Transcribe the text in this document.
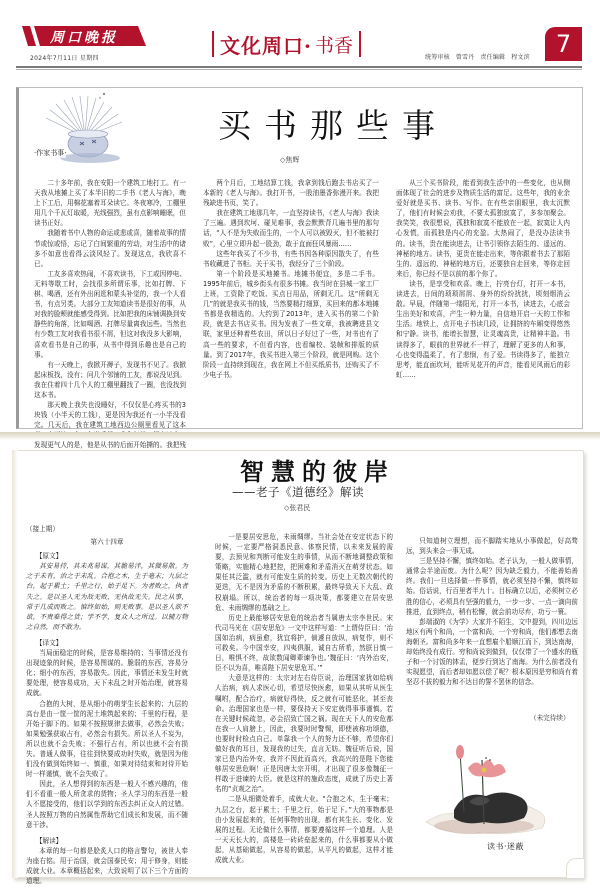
周口晚报
2024年7月11日 星期四
文化周口· 书香
统筹审核 曾雪丹 责任编辑 程文滨	7
·作家书事·
买书那些事
◇焦辉

二十多年前，我在安阳一个建筑工地打工。有一天我从地摊上买了本半旧的二手书《老人与海》，晚上下工后，用棉花塞着耳朵读它。冬夜寒冷，工棚里用几个千瓦灯取暖，光线强烈，虽有点影响睡眠，但读书正好。

我随着书中人物的命运或悲或喜，随着故事的情节或惊或悟，忘记了白间繁重的劳动，对生活中的诸多不如意也看得云淡风轻了。发现这点，我欣喜不已。

工友多喜欢热闹，不喜欢读书，下工或因停电、无料等歇工时，会找很多所谓乐事，比如打牌、下棋、喝酒，还有外出闲逛和蒙头补觉的，我一个人看书，有点另类。大部分工友知道读书是很好的事，从对我的脸颊就能感受得到。比如把我的床铺调换到安静些的角落，比如喝酒、打牌尽量离我远些。当然也有少数工友对我看书很不屑，但这对我没多大影响，喜欢看书是自己的事，从书中得到乐趣也是自己的事。

有一天晚上，我掀开褥子，发现书不见了。我掀起床板找，没有；问几个邻铺的工友，都说没见到。我在住着四十几个人的工棚里翻找了一圈，也没找到这本书。

那天晚上我失也没睡好，不仅仅是心疼买书的3块钱（小半天的工钱），更是因为我还有一小半没看完。几天后，我在建筑工地西边公厕里看见了这本 发现更气人的是，他是从书的后面开始撕的。我把残

两个月后，工地结算工钱，我拿到钱后跑去书店买了一本新的《老人与海》。我打开书，一股油墨香弥漫开来。我把残缺进书页，笑了。

我在建筑工地那几年，一直坚持读书，《老人与海》我读了三遍。遇到坎坷、碰见难事，我会默默背几遍书里的那句话，“人不是为失败而生的，一个人可以被毁灭，但不能被打败”，心里立即升起一股劲，敢于直面狂风暴雨……

这些年我买了不少书，有些书因各种原因散失了，有些书收藏进了书柜。关于买书，我经分了三个阶段。

第一个阶段是买地摊书。地摊书便宜，多是二手书。1995年前后，城乡街头有很多书摊。我当时在县城一家工厂上班，工资除了吃饭、买点日用品，所剩无几。这“所剩无几”的就是我买书的钱，当然要精打细算，买回来的都本地摊书都是我精选的。大约到了2013年，进入买书的第二个阶段，就是去书店买书。因为发表了一些文章，我被聘进县文联，家里还种着些农田，所以日子好过了一些，对书也有了高一些的要求，不但看内容，也看编校、装帧和排版的质量。到了2017年，我买书进入第三个阶段，就是网购。这个阶段一直持续到现在，我在网上不但买纸质书，还购买了不少电子书。

从三个买书阶段，能看到我生活中的一些变化，也从侧面体现了社会的进步及物质生活的富足。这些年，我的业余爱好就是买书、读书、写作。在有些亲朋眼里，我太沉默了，他们有时候会劝我，不要太孤独寂寞了，多参加聚会。我笑笑，我很想说，孤独和寂寞不能放在一起，寂寞让人内心发慌，而孤独是内心的充盈。太热闹了，是没办法读书的。读书，贵在能读进去，让书引领你去陌生的、遥远的、神秘的地方。读书，更贵在能走出来，等你跟着书去了那陌生的、遥远的、神秘的地方后，还要独自走回来，等你走回来后，你已经不是以前的那个你了。

读书，是享受和欢喜。晚上，拧亮台灯，打开一本书，读进去，日间的琐琐屑屑、身外的纷纷扰扰，顷刻烟消云散。早晨，伴随第一缕阳光，打开一本书，读进去，心底会生出美好和欢喜，产生一种力量，自信地开启一天的工作和生活。地铁上，点开电子书读几段，让拥挤的车厢变得悠然和宁静。读书，能增长智慧，让灵魂高贵，让精神丰盈。书读得多了，眼前的世界就不一样了，理解了更多的人和事，心也变得温柔了，有了悲悯，有了爱。书读得多了，能独立思考，能直面坎坷，能听见花开的声音，能看见风雨后的彩虹……

智慧的彼岸
——老子《道德经》解读
◇张君民

（接上期）

第六十四章

【原文】

其安易持，其未兆易谋，其脆易泮，其微易散。为之于未有，治之于未乱。合抱之木，生于毫末；九层之台，起于累土；千里之行，始于足下。为者败之，执者失之。是以圣人无为故无败，无执故无失。民之从事，常于几成而败之。慎终如始，则无败事。是以圣人欲不欲，不贵难得之货；学不学，复众人之所过。以辅万物之自然，而不敢为。

【译文】

当局面稳定的时候，是容易维持的；当事情还没有出现迹象的时候，是容易图谋的。脆弱的东西，容易分化；细小的东西，容易散失。因此，事情还未发生时就要处理，使容易成功，天下未乱之时开始治理，就容易成就。

合抱的大树，是从细小的萌芽生长起来的；九层的高台是由一筐一筐的泥土堆筑起来的；千里的行程，是开始于脚下的。如果不按照规律去做事，必然会失败；如果勉强获取占有，必然会有损失。所以圣人不妄为，所以也就不会失败；不强行占有，所以也就不会有损失。普通人做事，往往到快要成功时失败，就是因为他们没有做到始终如一、慎重，如果对待结束和对待开始时一样谨慎，就不会失败了。

因此，圣人想得到的东西是一般人不感兴趣的，他们不看重一般人所贪求的货物；圣人学习的东西是一般人不愿接受的，他们以学到的东西去纠正众人的过错。圣人按照万物的自然属性帮助它们成长和发展，而不随意干涉。

【解读】

本章的每一句都是脍炙人口的格言警句，被世人奉为座右铭。用于治国，就会国泰民安；用于修身，则能成就大业。本章概括起来，大致说明了以下三个方面的道理。

一是要居安思危，未雨绸缪。当社会处在安定状态下的时候，一定要严格洞悉民意、体察民情，以未来发展的需要，去预见和判断可能发生的事情，从而不断地调整政策和策略，实施精心地把控，把困难和矛盾消灭在萌芽状态。如果任其泛滥，就有可能发生质的转变。历史上无数次朝代的更迭，无不是因为矛盾的不断积累，最终导致天下大乱、政权崩塌。所以，统治者的每一项决策，都要建立在居安思危、未雨绸缪的基础之上。

历史上最能够居安思危的统治者当属唐太宗李世民。宋代司马光在《居安思危》一文中这样写道：“上谓侍臣曰：‘治国如治病，病虽愈，犹宜将护，倘遽自放纵，病复作，则不可救矣。今中国幸安，四夷俱服，诚自古所希，然朕日慎一日，唯惧不终，故欲数闻卿辈谏争也。’魏征曰：‘内外治安，臣不以为喜，唯喜陛下居安思危耳。’”

大意是这样的：太宗对左右侍臣说，治理国家犹如给病人治病，病人求医心切，希望尽快医愈，如果从其听从医生嘱咐，配合治疗，病就好得快，反之就有可能恶化，甚至丧命。治理国家也是一样，要保持天下安定就得事事谨慎。若在关键时候疏忽，必会招致亡国之祸。现在天下人的安危都在我一人肩膀上，因此，我要时时警惕，即使被称功颂德，也要时时检点自己。单靠我一个人的努力还不够，希望你们做好我的耳目，发现我的过失，直言无妨。魏征听后说，国家已是内治外安，我并不因此而高兴，我高兴的是陛下您能够居安思危啊！正是因唐太宗开明，才出现了很多像魏征一样敢于进谏的大臣。就是这样的施政态度，成就了历史上著名的“贞观之治”。

二是从细微处着手，成就大业。“合抱之木，生于毫末；九层之台，起于累土；千里之行，始于足下。”大的事物都是由小发展起来的，任何事物的出现，都有其生长、变化、发展的过程。无论做什么事情，都要遵循这样一个道理。人是一天天长大的，高楼是一砖砖垒起来的，什么事都要从小做起，从基础做起，从容易的做起，从平凡的做起，这样才能成就大业。

只知道树立理想，而不脚踏实地从小事做起，好高骛远，到头来会一事无成。

三是坚持不懈，慎终如始。老子认为，一般人做事情，通常会半途而废。为什么呢？因为缺乏毅力，不能善始善终。我们一旦选择做一件事情，就必须坚持不懈，慎终如始。俗话说，行百里者半九十。目标确立以后，必须树立必胜的信心，必须具有坚强的毅力，一步一步、一点一滴向前推进，直到终点，稍有松懈，就会前功尽弃，功亏一篑。

彭端淑的《为学》大家并不陌生，文中提到，四川边远地区有两个和尚，一个富和尚，一个穷和尚，他们都想去南海朝圣。富和尚多年来一直想雇个船顺江而下，到达南海，却始终没有成行。穷和尚说到做到，仅仅带了一个盛水的瓶子和一个讨饭的钵盂，便步行到达了南海。为什么前者没有实现愿望，而后者却如愿以偿了呢？根本原因是穷和尚有着坚忍不拔的毅力和不达目的誓不罢休的信念。

（未完待续）
读书·迷蔽
